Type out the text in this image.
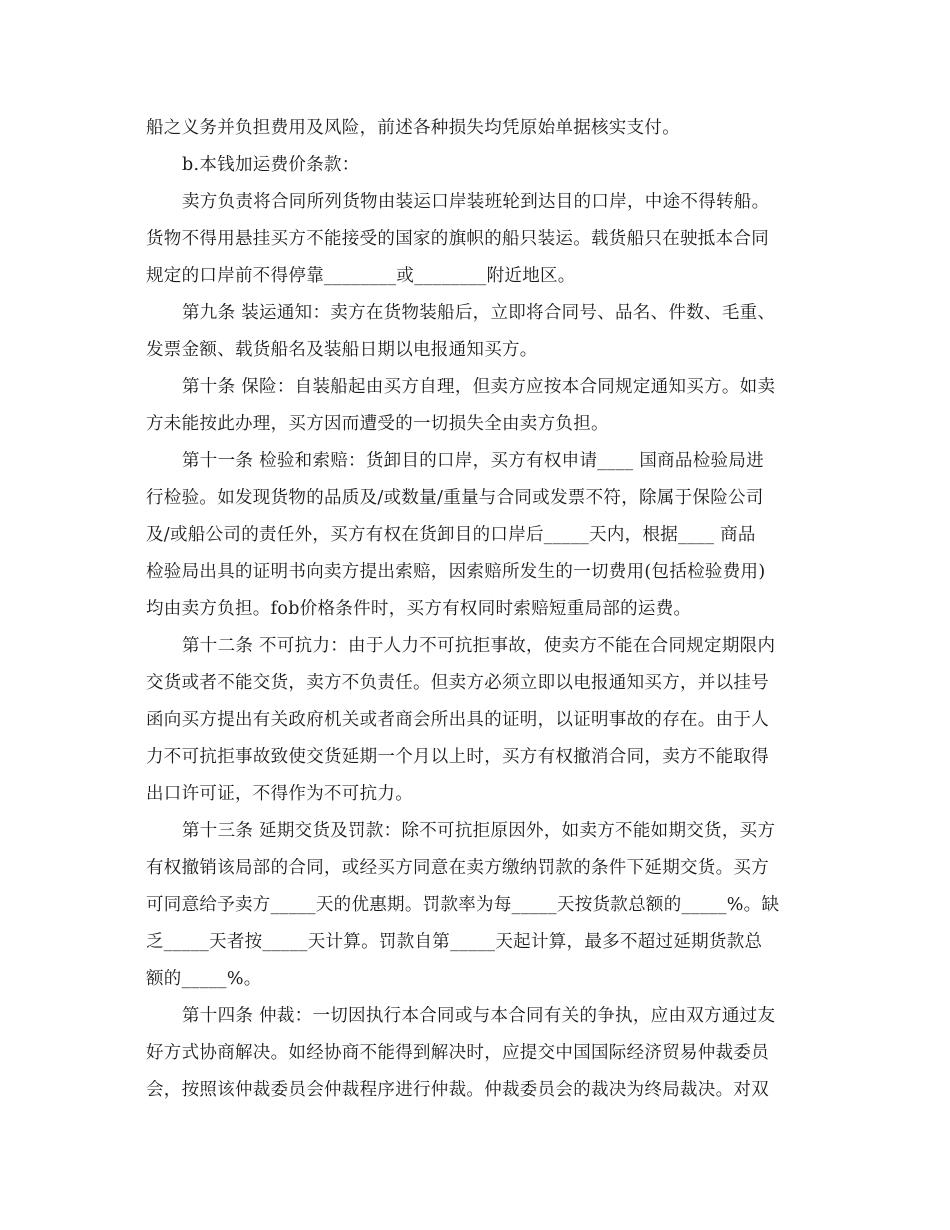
船之义务并负担费用及风险，前述各种损失均凭原始单据核实支付。
b.本钱加运费价条款：
卖方负责将合同所列货物由装运口岸装班轮到达目的口岸，中途不得转船。
货物不得用悬挂买方不能接受的国家的旗帜的船只装运。载货船只在驶抵本合同
规定的口岸前不得停靠________或________附近地区。
第九条 装运通知：卖方在货物装船后，立即将合同号、品名、件数、毛重、
发票金额、载货船名及装船日期以电报通知买方。
第十条 保险：自装船起由买方自理，但卖方应按本合同规定通知买方。如卖
方未能按此办理，买方因而遭受的一切损失全由卖方负担。
第十一条 检验和索赔：货卸目的口岸，买方有权申请____ 国商品检验局进
行检验。如发现货物的品质及/或数量/重量与合同或发票不符，除属于保险公司
及/或船公司的责任外，买方有权在货卸目的口岸后_____天内，根据____ 商品
检验局出具的证明书向卖方提出索赔，因索赔所发生的一切费用(包括检验费用)
均由卖方负担。fob价格条件时，买方有权同时索赔短重局部的运费。
第十二条 不可抗力：由于人力不可抗拒事故，使卖方不能在合同规定期限内
交货或者不能交货，卖方不负责任。但卖方必须立即以电报通知买方，并以挂号
函向买方提出有关政府机关或者商会所出具的证明，以证明事故的存在。由于人
力不可抗拒事故致使交货延期一个月以上时，买方有权撤消合同，卖方不能取得
出口许可证，不得作为不可抗力。
第十三条 延期交货及罚款：除不可抗拒原因外，如卖方不能如期交货，买方
有权撤销该局部的合同，或经买方同意在卖方缴纳罚款的条件下延期交货。买方
可同意给予卖方_____天的优惠期。罚款率为每_____天按货款总额的_____%。缺
乏_____天者按_____天计算。罚款自第_____天起计算，最多不超过延期货款总
额的_____%。
第十四条 仲裁：一切因执行本合同或与本合同有关的争执，应由双方通过友
好方式协商解决。如经协商不能得到解决时，应提交中国国际经济贸易仲裁委员
会，按照该仲裁委员会仲裁程序进行仲裁。仲裁委员会的裁决为终局裁决。对双
